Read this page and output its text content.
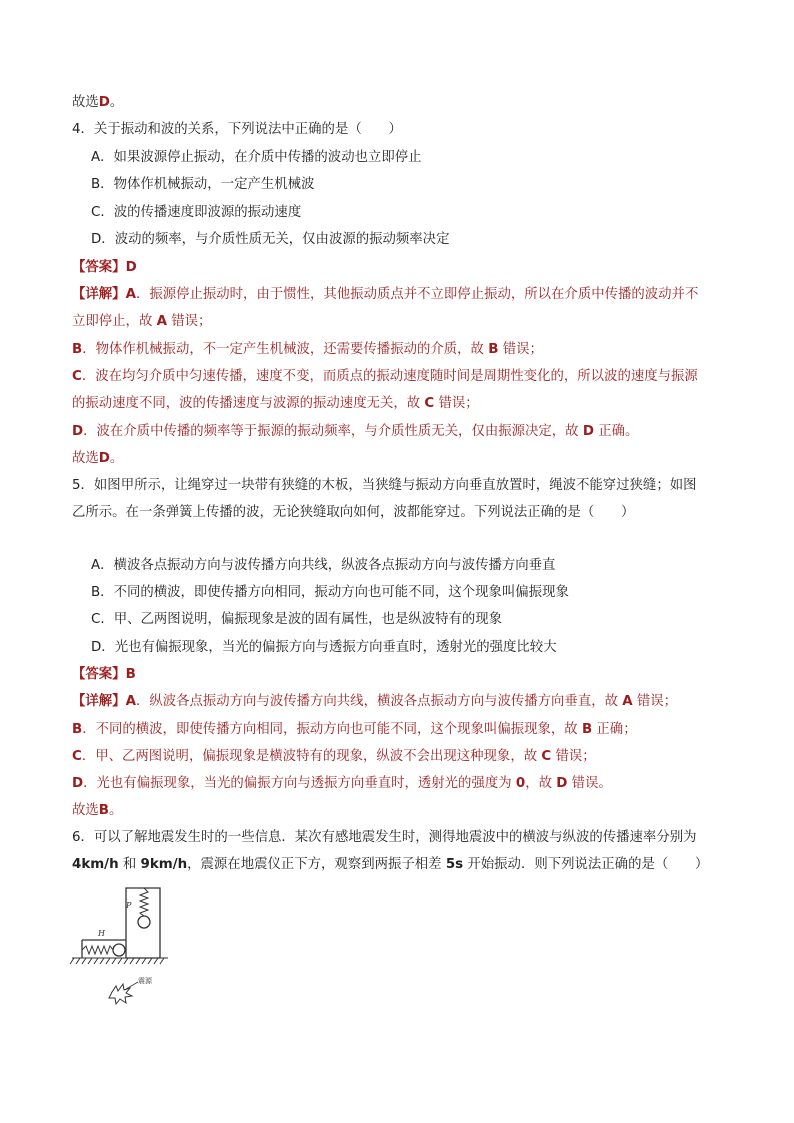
故选D。
4．关于振动和波的关系，下列说法中正确的是（　　）
A．如果波源停止振动，在介质中传播的波动也立即停止
B．物体作机械振动，一定产生机械波
C．波的传播速度即波源的振动速度
D．波动的频率，与介质性质无关，仅由波源的振动频率决定
【答案】D
【详解】A．振源停止振动时，由于惯性，其他振动质点并不立即停止振动，所以在介质中传播的波动并不
立即停止，故 A 错误；
B．物体作机械振动，不一定产生机械波，还需要传播振动的介质，故 B 错误；
C．波在均匀介质中匀速传播，速度不变，而质点的振动速度随时间是周期性变化的，所以波的速度与振源
的振动速度不同，波的传播速度与波源的振动速度无关，故 C 错误；
D．波在介质中传播的频率等于振源的振动频率，与介质性质无关，仅由振源决定，故 D 正确。
故选D。
5．如图甲所示，让绳穿过一块带有狭缝的木板，当狭缝与振动方向垂直放置时，绳波不能穿过狭缝；如图
乙所示。在一条弹簧上传播的波，无论狭缝取向如何，波都能穿过。下列说法正确的是（　　）
A．横波各点振动方向与波传播方向共线，纵波各点振动方向与波传播方向垂直
B．不同的横波，即使传播方向相同，振动方向也可能不同，这个现象叫偏振现象
C．甲、乙两图说明，偏振现象是波的固有属性，也是纵波特有的现象
D．光也有偏振现象，当光的偏振方向与透振方向垂直时，透射光的强度比较大
【答案】B
【详解】A．纵波各点振动方向与波传播方向共线，横波各点振动方向与波传播方向垂直，故 A 错误；
B．不同的横波，即使传播方向相同，振动方向也可能不同，这个现象叫偏振现象，故 B 正确；
C．甲、乙两图说明，偏振现象是横波特有的现象，纵波不会出现这种现象，故 C 错误；
D．光也有偏振现象，当光的偏振方向与透振方向垂直时，透射光的强度为 0，故 D 错误。
故选B。
6．可以了解地震发生时的一些信息．某次有感地震发生时，测得地震波中的横波与纵波的传播速率分别为
4km/h 和 9km/h，震源在地震仪正下方，观察到两振子相差 5s 开始振动．则下列说法正确的是（　　）
P
H
震源
